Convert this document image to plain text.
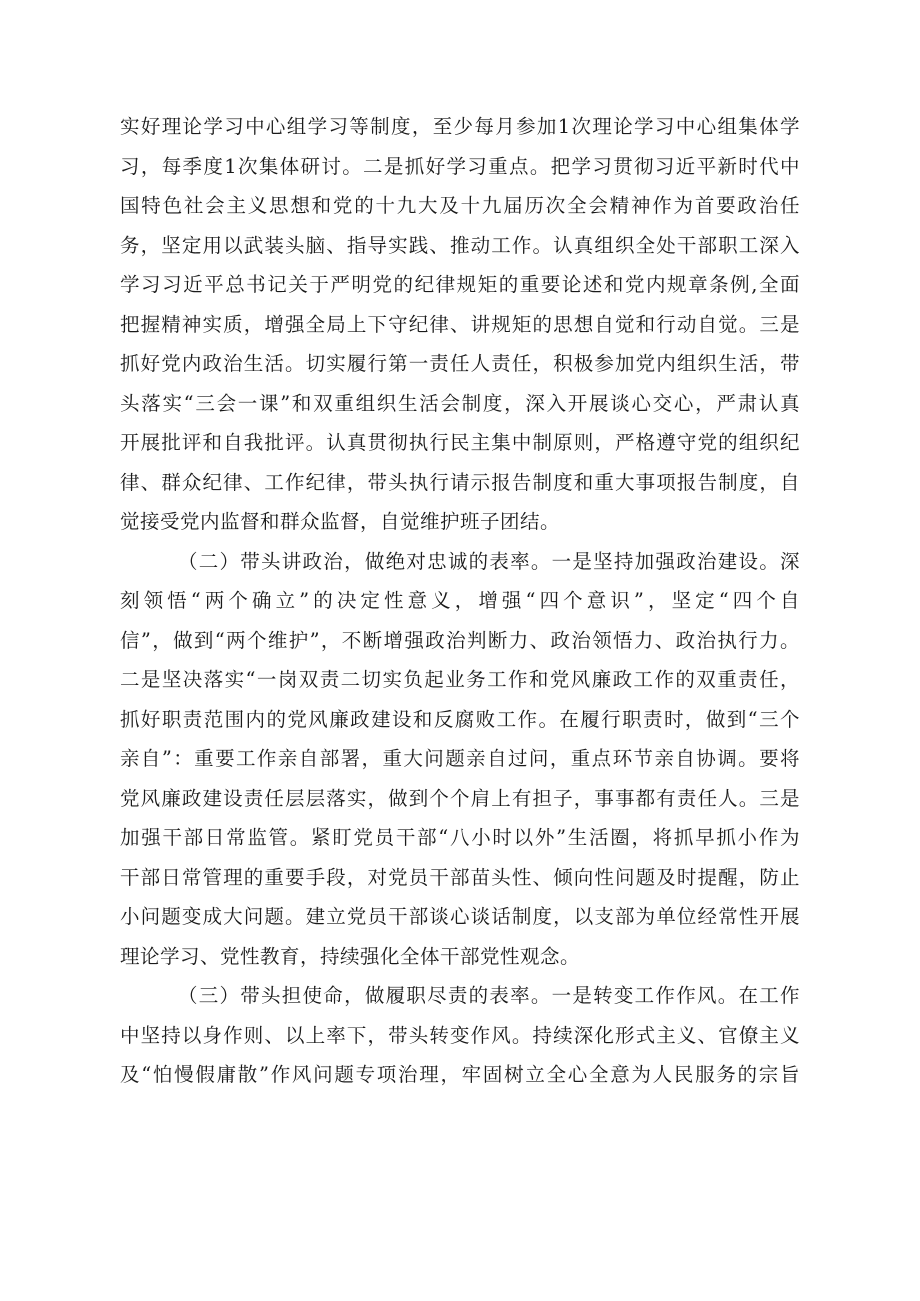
实好理论学习中心组学习等制度，至少每月参加1次理论学习中心组集体学
习，每季度1次集体研讨。二是抓好学习重点。把学习贯彻习近平新时代中
国特色社会主义思想和党的十九大及十九届历次全会精神作为首要政治任
务，坚定用以武装头脑、指导实践、推动工作。认真组织全处干部职工深入
学习习近平总书记关于严明党的纪律规矩的重要论述和党内规章条例,全面
把握精神实质，增强全局上下守纪律、讲规矩的思想自觉和行动自觉。三是
抓好党内政治生活。切实履行第一责任人责任，积极参加党内组织生活，带
头落实“三会一课”和双重组织生活会制度，深入开展谈心交心，严肃认真
开展批评和自我批评。认真贯彻执行民主集中制原则，严格遵守党的组织纪
律、群众纪律、工作纪律，带头执行请示报告制度和重大事项报告制度，自
觉接受党内监督和群众监督，自觉维护班子团结。
（二）带头讲政治，做绝对忠诚的表率。一是坚持加强政治建设。深
刻领悟“两个确立”的决定性意义，增强“四个意识”，坚定“四个自
信”，做到“两个维护”，不断增强政治判断力、政治领悟力、政治执行力。
二是坚决落实“一岗双责二切实负起业务工作和党风廉政工作的双重责任，
抓好职责范围内的党风廉政建设和反腐败工作。在履行职责时，做到“三个
亲自”：重要工作亲自部署，重大问题亲自过问，重点环节亲自协调。要将
党风廉政建设责任层层落实，做到个个肩上有担子，事事都有责任人。三是
加强干部日常监管。紧盯党员干部“八小时以外”生活圈，将抓早抓小作为
干部日常管理的重要手段，对党员干部苗头性、倾向性问题及时提醒，防止
小问题变成大问题。建立党员干部谈心谈话制度，以支部为单位经常性开展
理论学习、党性教育，持续强化全体干部党性观念。
（三）带头担使命，做履职尽责的表率。一是转变工作作风。在工作
中坚持以身作则、以上率下，带头转变作风。持续深化形式主义、官僚主义
及“怕慢假庸散”作风问题专项治理，牢固树立全心全意为人民服务的宗旨
